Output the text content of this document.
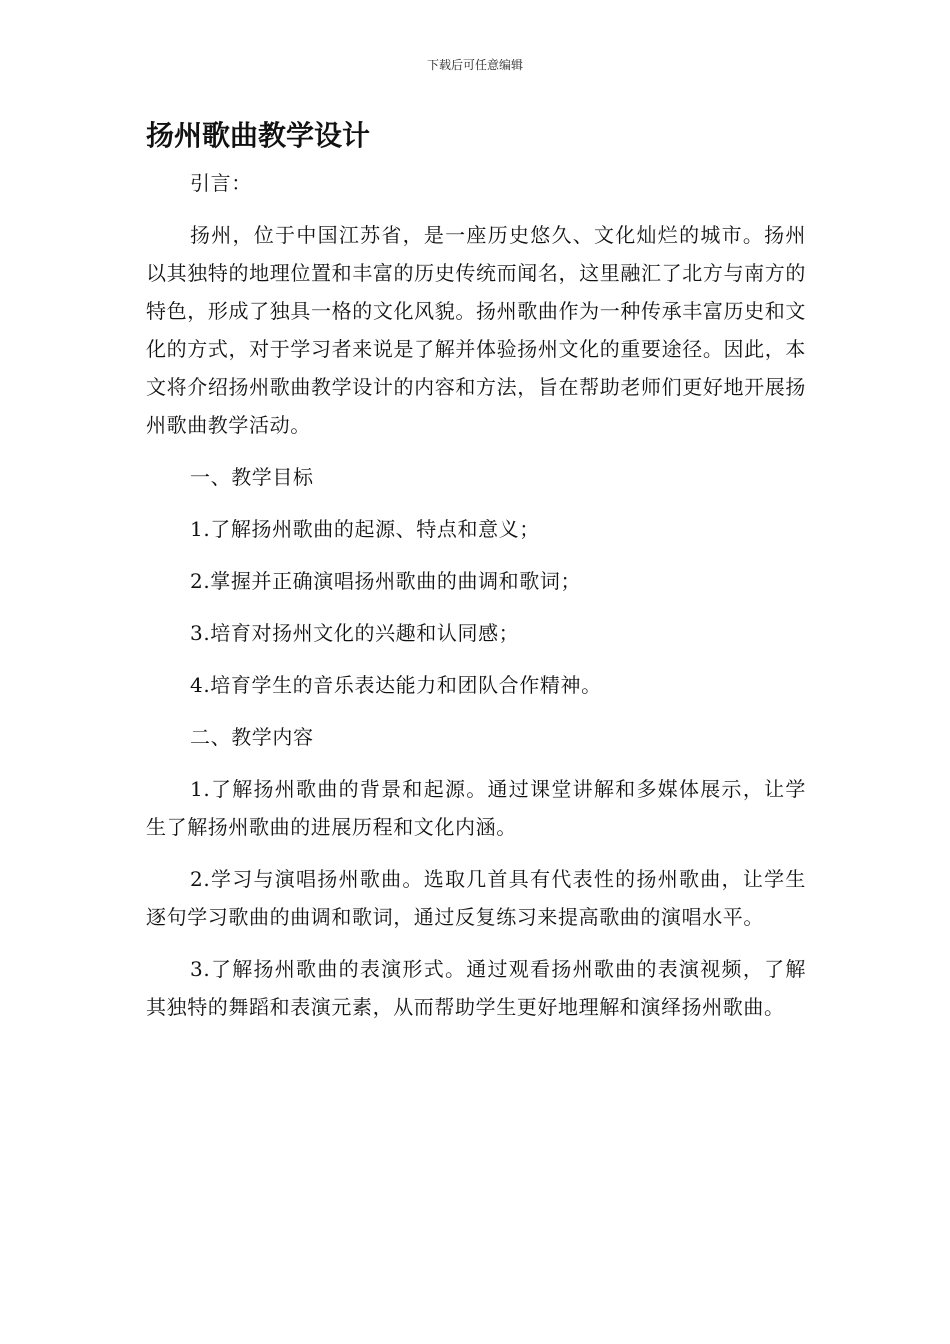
下载后可任意编辑
扬州歌曲教学设计

引言：

扬州，位于中国江苏省，是一座历史悠久、文化灿烂的城市。扬州以其独特的地理位置和丰富的历史传统而闻名，这里融汇了北方与南方的特色，形成了独具一格的文化风貌。扬州歌曲作为一种传承丰富历史和文化的方式，对于学习者来说是了解并体验扬州文化的重要途径。因此，本文将介绍扬州歌曲教学设计的内容和方法，旨在帮助老师们更好地开展扬州歌曲教学活动。

一、教学目标

1.了解扬州歌曲的起源、特点和意义；

2.掌握并正确演唱扬州歌曲的曲调和歌词；

3.培育对扬州文化的兴趣和认同感；

4.培育学生的音乐表达能力和团队合作精神。

二、教学内容

1.了解扬州歌曲的背景和起源。通过课堂讲解和多媒体展示，让学生了解扬州歌曲的进展历程和文化内涵。

2.学习与演唱扬州歌曲。选取几首具有代表性的扬州歌曲，让学生逐句学习歌曲的曲调和歌词，通过反复练习来提高歌曲的演唱水平。

3.了解扬州歌曲的表演形式。通过观看扬州歌曲的表演视频，了解其独特的舞蹈和表演元素，从而帮助学生更好地理解和演绎扬州歌曲。
